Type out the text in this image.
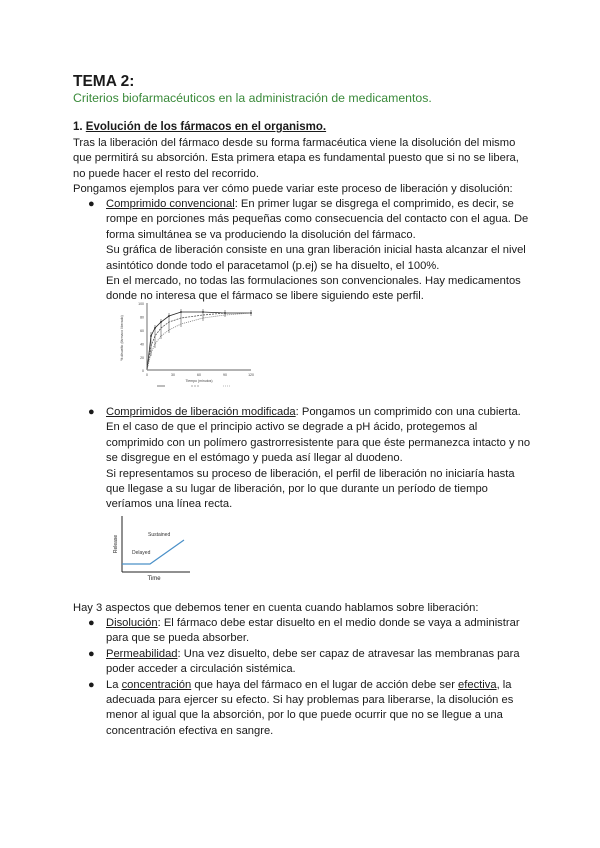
TEMA 2:

Criterios biofarmacéuticos en la administración de medicamentos.

1. Evolución de los fármacos en el organismo.

Tras la liberación del fármaco desde su forma farmacéutica viene la disolución del mismo que permitirá su absorción. Esta primera etapa es fundamental puesto que si no se libera, no puede hacer el resto del recorrido.

Pongamos ejemplos para ver cómo puede variar este proceso de liberación y disolución:

● Comprimido convencional: En primer lugar se disgrega el comprimido, es decir, se rompe en porciones más pequeñas como consecuencia del contacto con el agua. De forma simultánea se va produciendo la disolución del fármaco.

Su gráfica de liberación consiste en una gran liberación inicial hasta alcanzar el nivel asintótico donde todo el paracetamol (p.ej) se ha disuelto, el 100%.

En el mercado, no todas las formulaciones son convencionales. Hay medicamentos donde no interesa que el fármaco se libere siguiendo este perfil.

100
80
60
40
20
0
0	30	60	90	120
Tiempo (minutos)
% disuelto (fármaco liberado)
● Comprimidos de liberación modificada: Pongamos un comprimido con una cubierta. En el caso de que el principio activo se degrade a pH ácido, protegemos al comprimido con un polímero gastrorresistente para que éste permanezca intacto y no se disgregue en el estómago y pueda así llegar al duodeno.

Si representamos su proceso de liberación, el perfil de liberación no iniciaría hasta que llegase a su lugar de liberación, por lo que durante un período de tiempo veríamos una línea recta.

Sustained
Delayed
Time
Release

Hay 3 aspectos que debemos tener en cuenta cuando hablamos sobre liberación:

● Disolución: El fármaco debe estar disuelto en el medio donde se vaya a administrar para que se pueda absorber.

● Permeabilidad: Una vez disuelto, debe ser capaz de atravesar las membranas para poder acceder a circulación sistémica.

● La concentración que haya del fármaco en el lugar de acción debe ser efectiva, la adecuada para ejercer su efecto. Si hay problemas para liberarse, la disolución es menor al igual que la absorción, por lo que puede ocurrir que no se llegue a una concentración efectiva en sangre.
